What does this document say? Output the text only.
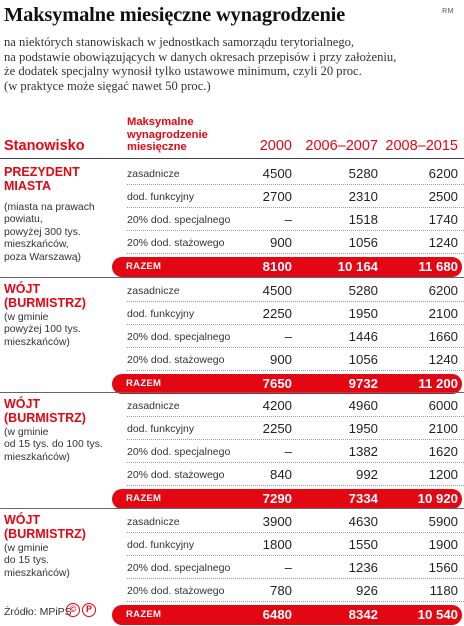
RM
Maksymalne miesięczne wynagrodzenie
na niektórych stanowiskach w jednostkach samorządu terytorialnego,
na podstawie obowiązujących w danych okresach przepisów i przy założeniu,
że dodatek specjalny wynosił tylko ustawowe minimum, czyli 20 proc.
(w praktyce może sięgać nawet 50 proc.)
Stanowisko
Maksymalne
wynagrodzenie
miesięczne	2000 2006–2007 2008–2015
PREZYDENT
MIASTA
(miasta na prawach
powiatu,
powyżej 300 tys.
mieszkańców,
poza Warszawą)
zasadnicze	4500	5280	6200
dod. funkcyjny	2700	2310	2500
20% dod. specjalnego	–	1518	1740
20% dod. stażowego	900	1056	1240
RAZEM	8100	10 164	11 680
WÓJT
(BURMISTRZ)
(w gminie
powyżej 100 tys.
mieszkańców)
zasadnicze	4500	5280	6200
dod. funkcyjny	2250	1950	2100
20% dod. specjalnego	–	1446	1660
20% dod. stażowego	900	1056	1240
RAZEM	7650	9732	11 200
WÓJT
(BURMISTRZ)
(w gminie
od 15 tys. do 100 tys.
mieszkańców)
zasadnicze	4200	4960	6000
dod. funkcyjny	2250	1950	2100
20% dod. specjalnego	–	1382	1620
20% dod. stażowego	840	992	1200
RAZEM	7290	7334	10 920
WÓJT
(BURMISTRZ)
(w gminie
do 15 tys.
mieszkańców)
zasadnicze	3900	4630	5900
dod. funkcyjny	1800	1550	1900
20% dod. specjalnego	–	1236	1560
20% dod. stażowego	780	926	1180
RAZEM	6480	8342	10 540
Źródło: MPiPS
©	P
